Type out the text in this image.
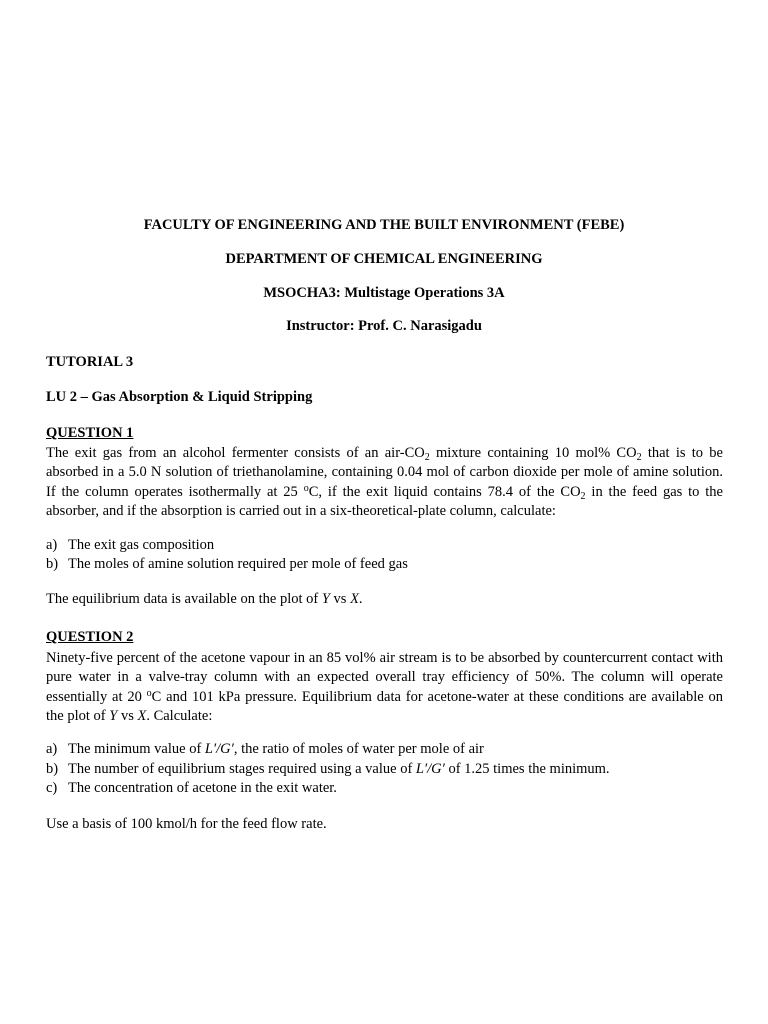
FACULTY OF ENGINEERING AND THE BUILT ENVIRONMENT (FEBE)
DEPARTMENT OF CHEMICAL ENGINEERING
MSOCHA3: Multistage Operations 3A
Instructor: Prof. C. Narasigadu
TUTORIAL 3
LU 2 – Gas Absorption & Liquid Stripping
QUESTION 1
The exit gas from an alcohol fermenter consists of an air-$CO_2$ mixture containing 10 mol% $CO_2$ that is to be absorbed in a 5.0 N solution of triethanolamine, containing 0.04 mol of carbon dioxide per mole of amine solution. If the column operates isothermally at 25 $^o$C, if the exit liquid contains 78.4 of the $CO_2$ in the feed gas to the absorber, and if the absorption is carried out in a six-theoretical-plate column, calculate:
a) The exit gas composition
b) The moles of amine solution required per mole of feed gas
The equilibrium data is available on the plot of Y vs X.
QUESTION 2
Ninety-five percent of the acetone vapour in an 85 vol% air stream is to be absorbed by countercurrent contact with pure water in a valve-tray column with an expected overall tray efficiency of 50%. The column will operate essentially at 20 $^o$C and 101 kPa pressure. Equilibrium data for acetone-water at these conditions are available on the plot of Y vs X. Calculate:
a) The minimum value of L′/G′, the ratio of moles of water per mole of air
b) The number of equilibrium stages required using a value of L′/G′ of 1.25 times the minimum.
c) The concentration of acetone in the exit water.
Use a basis of 100 kmol/h for the feed flow rate.
